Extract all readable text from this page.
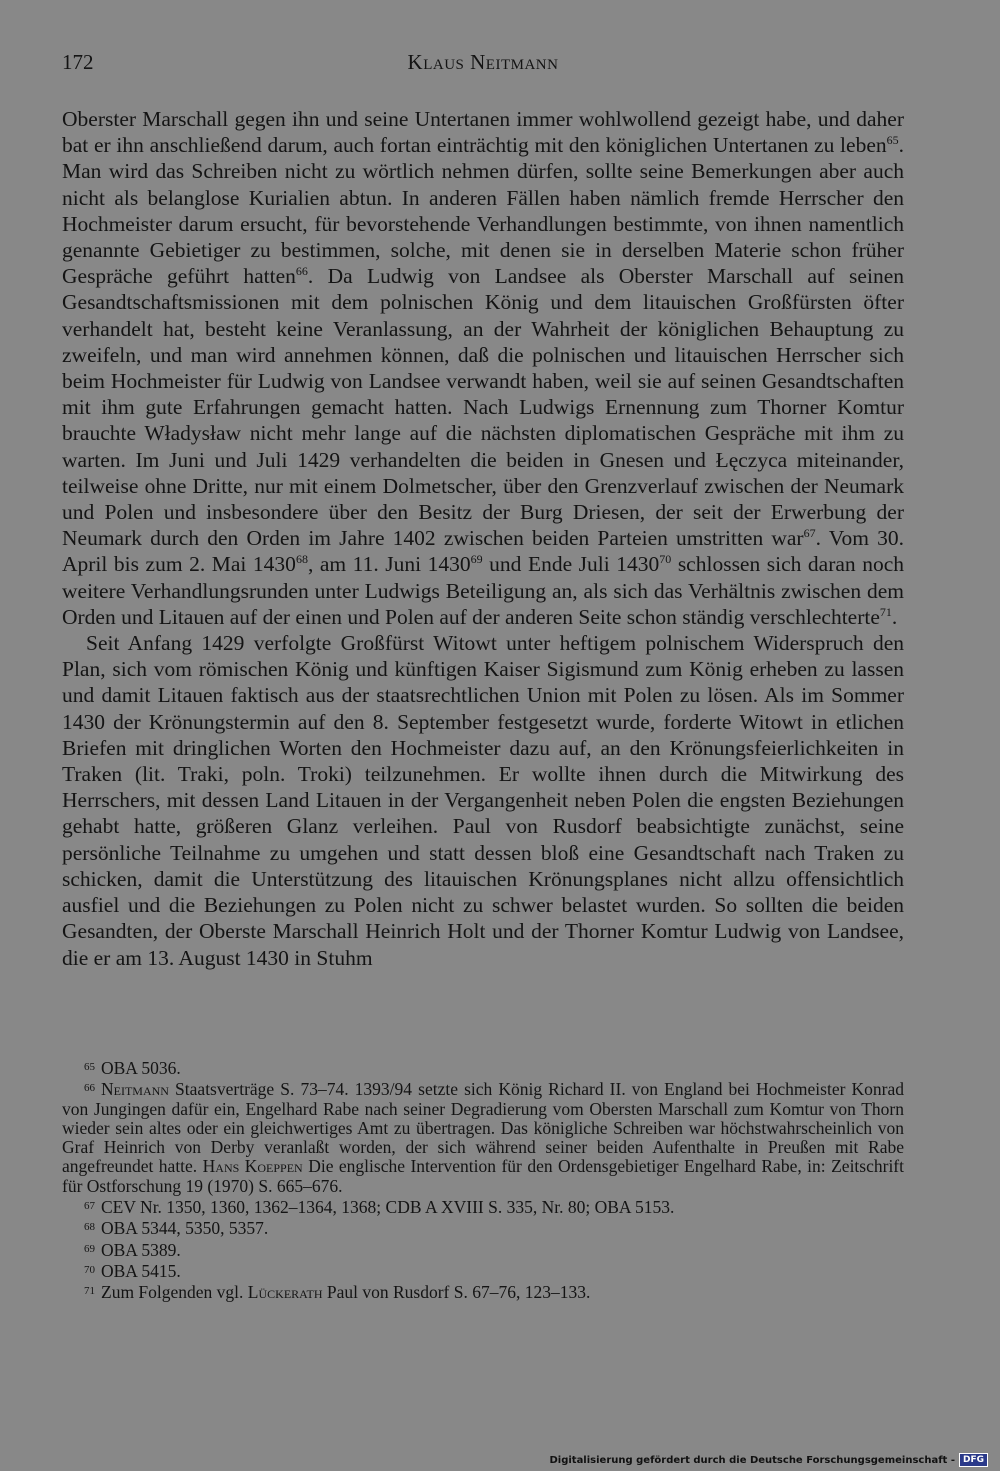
172	Klaus Neitmann

Oberster Marschall gegen ihn und seine Untertanen immer wohlwollend gezeigt habe, und daher bat er ihn anschließend darum, auch fortan einträchtig mit den königlichen Untertanen zu leben$^{65}$. Man wird das Schreiben nicht zu wörtlich nehmen dürfen, sollte seine Bemerkungen aber auch nicht als belanglose Kurialien abtun. In anderen Fällen haben nämlich fremde Herrscher den Hochmeister darum ersucht, für bevorstehende Verhandlungen bestimmte, von ihnen namentlich genannte Gebietiger zu bestimmen, solche, mit denen sie in derselben Materie schon früher Gespräche geführt hatten$^{66}$. Da Ludwig von Landsee als Oberster Marschall auf seinen Gesandtschaftsmissionen mit dem polnischen König und dem litauischen Großfürsten öfter verhandelt hat, besteht keine Veranlassung, an der Wahrheit der königlichen Behauptung zu zweifeln, und man wird annehmen können, daß die polnischen und litauischen Herrscher sich beim Hochmeister für Ludwig von Landsee verwandt haben, weil sie auf seinen Gesandtschaften mit ihm gute Erfahrungen gemacht hatten. Nach Ludwigs Ernennung zum Thorner Komtur brauchte Władysław nicht mehr lange auf die nächsten diplomatischen Gespräche mit ihm zu warten. Im Juni und Juli 1429 verhandelten die beiden in Gnesen und Łęczyca miteinander, teilweise ohne Dritte, nur mit einem Dolmetscher, über den Grenzverlauf zwischen der Neumark und Polen und insbesondere über den Besitz der Burg Driesen, der seit der Erwerbung der Neumark durch den Orden im Jahre 1402 zwischen beiden Parteien umstritten war$^{67}$. Vom 30. April bis zum 2. Mai 1430$^{68}$, am 11. Juni 1430$^{69}$ und Ende Juli 1430$^{70}$ schlossen sich daran noch weitere Verhandlungsrunden unter Ludwigs Beteiligung an, als sich das Verhältnis zwischen dem Orden und Litauen auf der einen und Polen auf der anderen Seite schon ständig verschlechterte$^{71}$.

Seit Anfang 1429 verfolgte Großfürst Witowt unter heftigem polnischem Widerspruch den Plan, sich vom römischen König und künftigen Kaiser Sigismund zum König erheben zu lassen und damit Litauen faktisch aus der staatsrechtlichen Union mit Polen zu lösen. Als im Sommer 1430 der Krönungstermin auf den 8. September festgesetzt wurde, forderte Witowt in etlichen Briefen mit dringlichen Worten den Hochmeister dazu auf, an den Krönungsfeierlichkeiten in Traken (lit. Traki, poln. Troki) teilzunehmen. Er wollte ihnen durch die Mitwirkung des Herrschers, mit dessen Land Litauen in der Vergangenheit neben Polen die engsten Beziehungen gehabt hatte, größeren Glanz verleihen. Paul von Rusdorf beabsichtigte zunächst, seine persönliche Teilnahme zu umgehen und statt dessen bloß eine Gesandtschaft nach Traken zu schicken, damit die Unterstützung des litauischen Krönungsplanes nicht allzu offensichtlich ausfiel und die Beziehungen zu Polen nicht zu schwer belastet wurden. So sollten die beiden Gesandten, der Oberste Marschall Heinrich Holt und der Thorner Komtur Ludwig von Landsee, die er am 13. August 1430 in Stuhm

$^{65}$ OBA 5036.

$^{66}$ Neitmann Staatsverträge S. 73–74. 1393/94 setzte sich König Richard II. von England bei Hochmeister Konrad von Jungingen dafür ein, Engelhard Rabe nach seiner Degradierung vom Obersten Marschall zum Komtur von Thorn wieder sein altes oder ein gleichwertiges Amt zu übertragen. Das königliche Schreiben war höchstwahrscheinlich von Graf Heinrich von Derby veranlaßt worden, der sich während seiner beiden Aufenthalte in Preußen mit Rabe angefreundet hatte. Hans Koeppen Die englische Intervention für den Ordensgebietiger Engelhard Rabe, in: Zeitschrift für Ostforschung 19 (1970) S. 665–676.

$^{67}$ CEV Nr. 1350, 1360, 1362–1364, 1368; CDB A XVIII S. 335, Nr. 80; OBA 5153.

$^{68}$ OBA 5344, 5350, 5357.

$^{69}$ OBA 5389.

$^{70}$ OBA 5415.

$^{71}$ Zum Folgenden vgl. Lückerath Paul von Rusdorf S. 67–76, 123–133.

Digitalisierung gefördert durch die Deutsche Forschungsgemeinschaft - DFG
